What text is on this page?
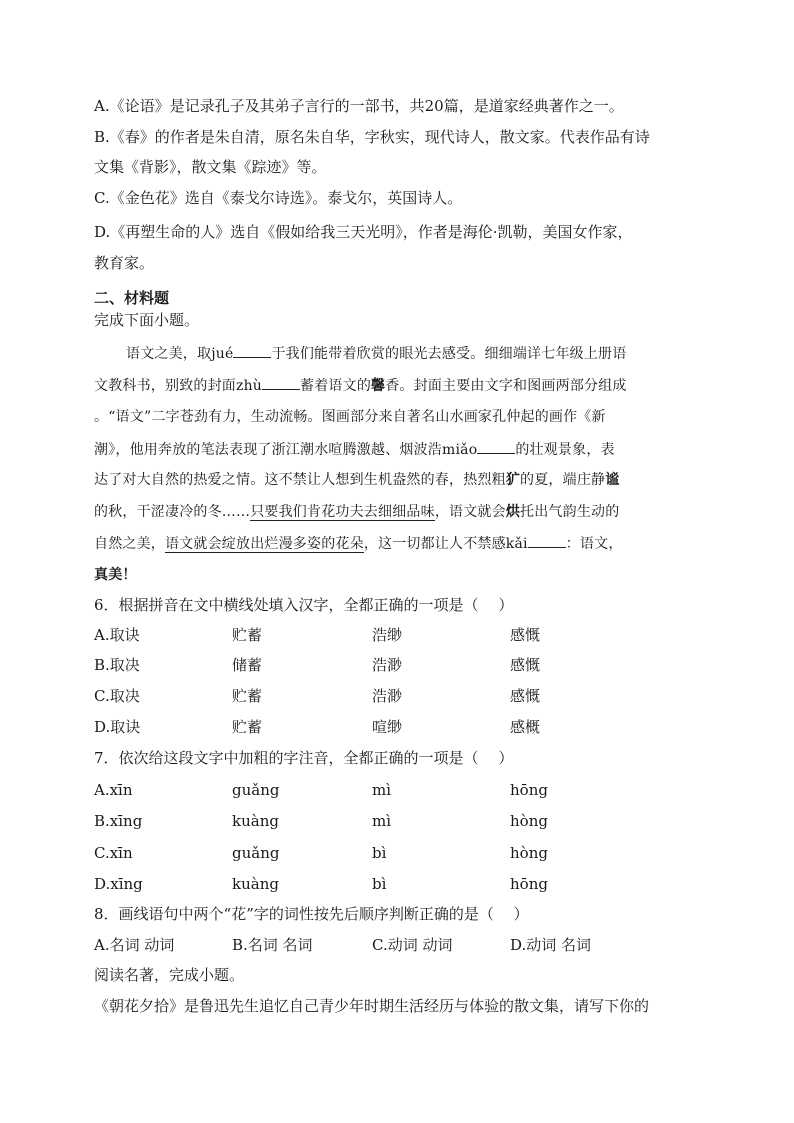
A.《论语》是记录孔子及其弟子言行的一部书，共20篇，是道家经典著作之一。
B.《春》的作者是朱自清，原名朱自华，字秋实，现代诗人，散文家。代表作品有诗
文集《背影》，散文集《踪迹》等。
C.《金色花》选自《泰戈尔诗选》。泰戈尔，英国诗人。
D.《再塑生命的人》选自《假如给我三天光明》，作者是海伦·凯勒，美国女作家，
教育家。
二、材料题
完成下面小题。
语文之美，取jué	于我们能带着欣赏的眼光去感受。细细端详七年级上册语
文教科书，别致的封面zhù	蓄着语文的馨香。封面主要由文字和图画两部分组成
。“语文”二字苍劲有力，生动流畅。图画部分来自著名山水画家孔仲起的画作《新
潮》，他用奔放的笔法表现了浙江潮水喧腾激越、烟波浩miǎo	的壮观景象，表
达了对大自然的热爱之情。这不禁让人想到生机盎然的春，热烈粗犷的夏，端庄静谧
的秋，干涩凄冷的冬……只要我们肯花功夫去细细品味，语文就会烘托出气韵生动的
自然之美，语文就会绽放出烂漫多姿的花朵，这一切都让人不禁感kǎi	：语文，
真美！
6．根据拼音在文中横线处填入汉字，全都正确的一项是（　 ）
A.取诀	贮蓄	浩缈	感慨
B.取决	储蓄	浩渺	感慨
C.取决	贮蓄	浩渺	感慨
D.取诀	贮蓄	喧缈	感概
7．依次给这段文字中加粗的字注音，全都正确的一项是（　 ）
A.xīn	guǎng	mì	hōng
B.xīng	kuàng	mì	hòng
C.xīn	guǎng	bì	hòng
D.xīng	kuàng	bì	hōng
8．画线语句中两个“花”字的词性按先后顺序判断正确的是（　 ）
A.名词 动词	B.名词 名词	C.动词 动词	D.动词 名词
阅读名著，完成小题。
《朝花夕拾》是鲁迅先生追忆自己青少年时期生活经历与体验的散文集，请写下你的
